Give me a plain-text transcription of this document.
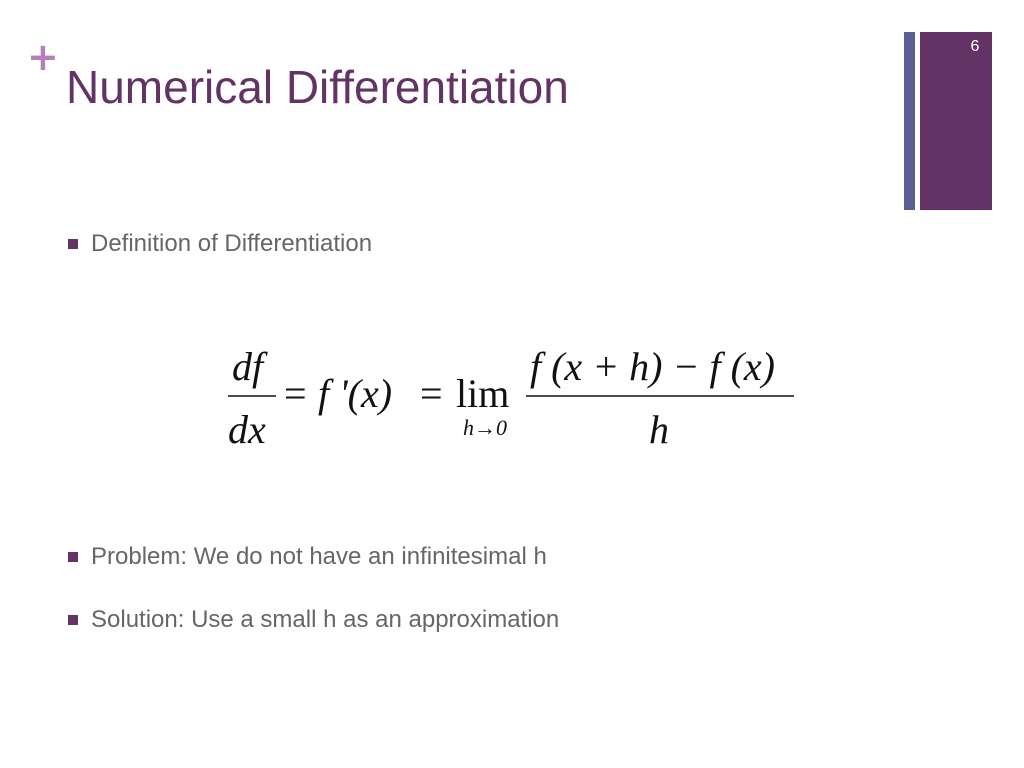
+
Numerical Differentiation
6
Definition of Differentiation
df
dx
= f '(x) = lim
h→0
f (x + h) − f (x)
h
Problem: We do not have an infinitesimal h
Solution: Use a small h as an approximation
